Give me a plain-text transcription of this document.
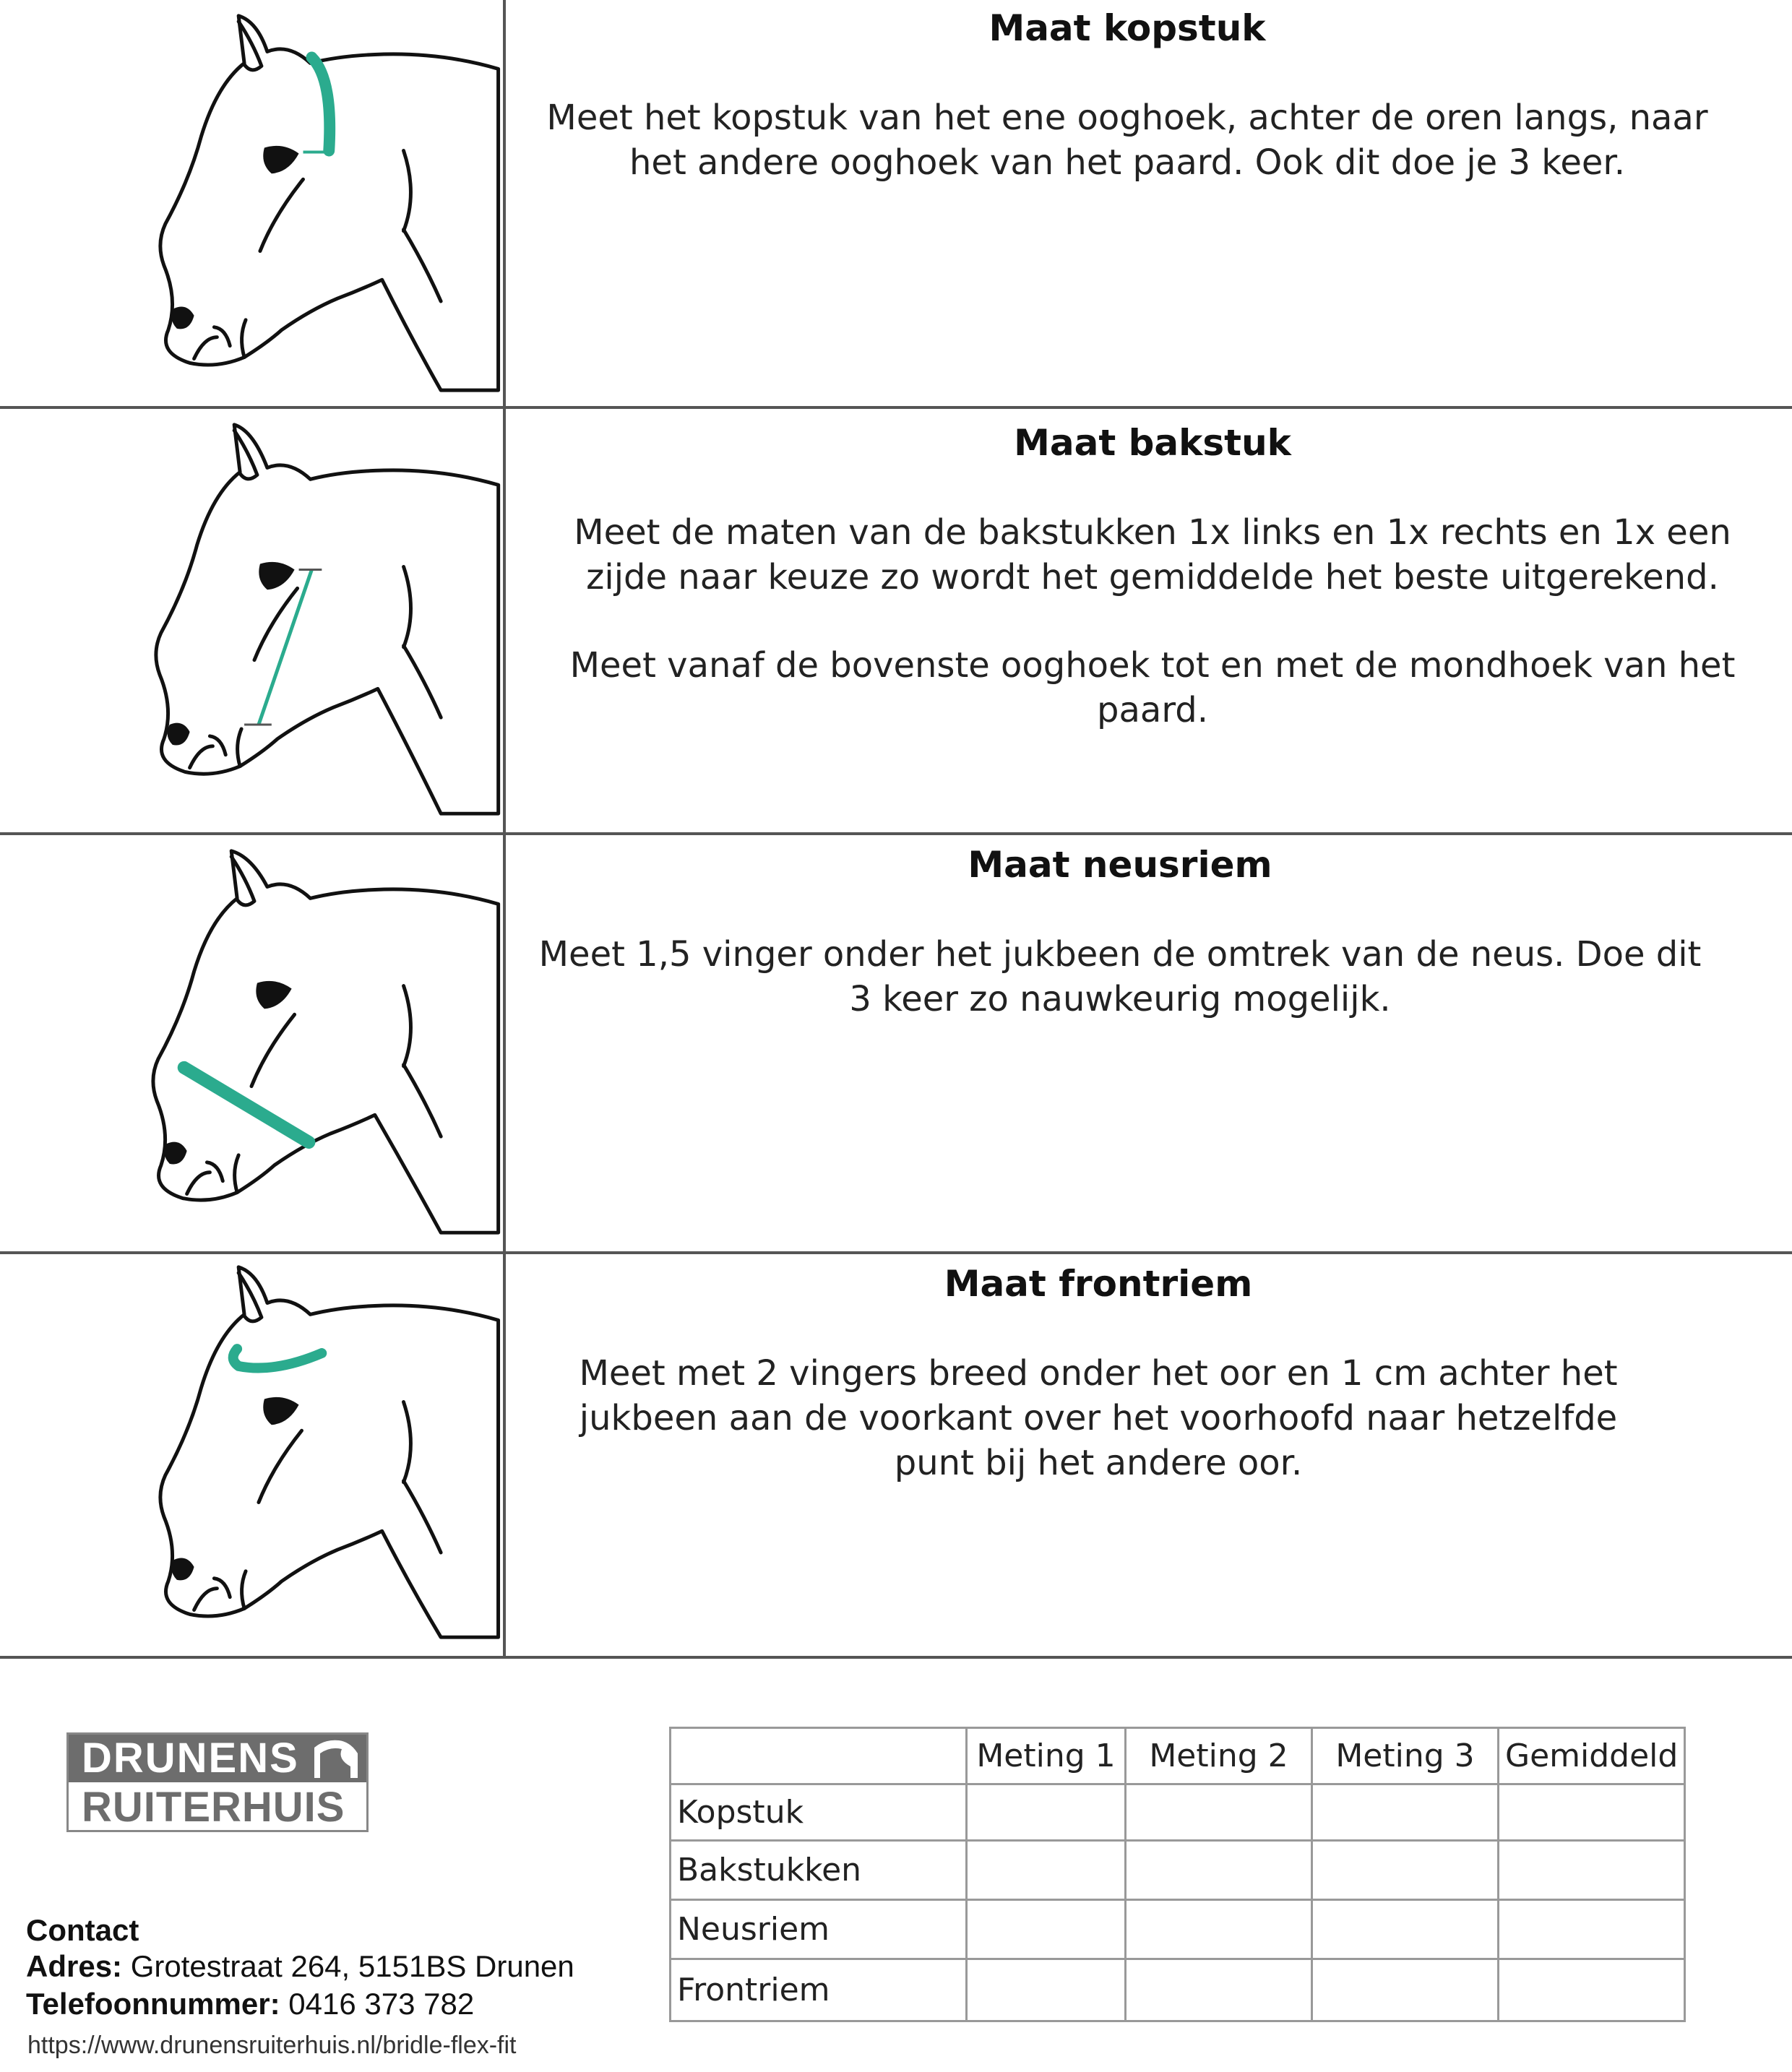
Maat kopstuk

Meet het kopstuk van het ene ooghoek, achter de oren langs, naar het andere ooghoek van het paard. Ook dit doe je 3 keer.

Maat bakstuk

Meet de maten van de bakstukken 1x links en 1x rechts en 1x een zijde naar keuze zo wordt het gemiddelde het beste uitgerekend.

Meet vanaf de bovenste ooghoek tot en met de mondhoek van het paard.

Maat neusriem

Meet 1,5 vinger onder het jukbeen de omtrek van de neus. Doe dit 3 keer zo nauwkeurig mogelijk.

Maat frontriem

Meet met 2 vingers breed onder het oor en 1 cm achter het jukbeen aan de voorkant over het voorhoofd naar hetzelfde punt bij het andere oor.

DRUNENS
RUITERHUIS
Contact
Adres: Grotestraat 264, 5151BS Drunen
Telefoonnummer: 0416 373 782
https://www.drunensruiterhuis.nl/bridle-flex-fit
	Meting 1	Meting 2	Meting 3	Gemiddeld
Kopstuk				
Bakstukken				
Neusriem				
Frontriem				
